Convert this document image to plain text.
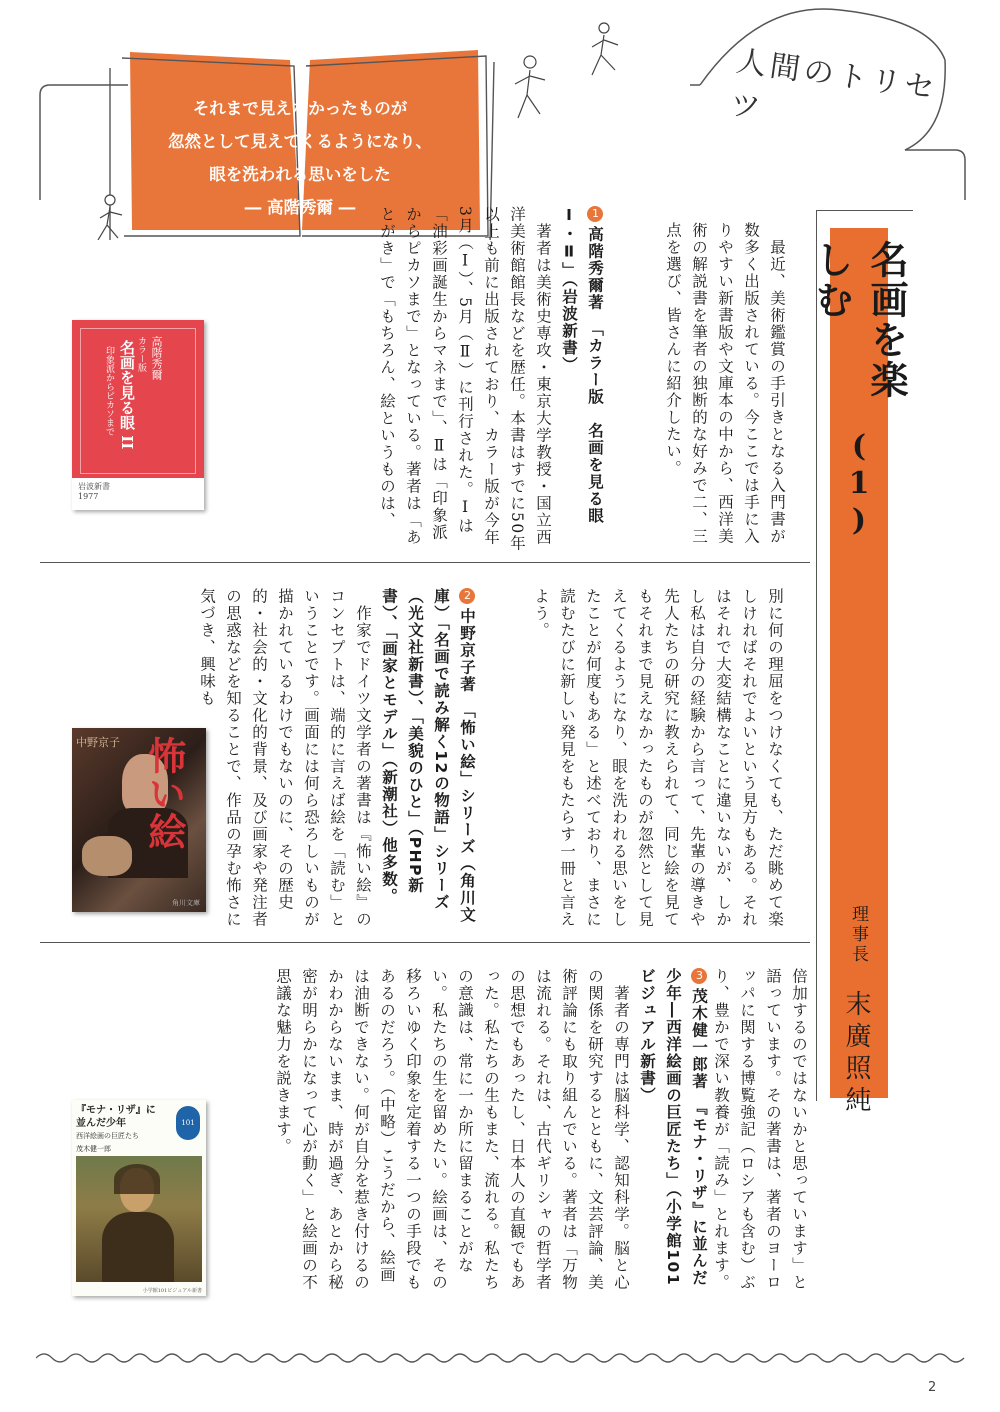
人間のトリセツ
それまで見えなかったものが
忽然として見えてくるようになり、
眼を洗われる思いをした
― 高階秀爾 ―
名画を楽しむ
(1)
理事長
末廣照純
　最近、美術鑑賞の手引きとなる入門書が数多く出版されている。今ここでは手に入りやすい新書版や文庫本の中から、西洋美術の解説書を筆者の独断的な好みで二、三点を選び、皆さんに紹介したい。
1高階秀爾著　「カラー版　名画を見る眼Ⅰ・Ⅱ」（岩波新書）
　著者は美術史専攻・東京大学教授・国立西洋美術館館長などを歴任。本書はすでに50年以上も前に出版されており、カラー版が今年3月（Ⅰ）、5月（Ⅱ）に刊行された。Ⅰは「油彩画誕生からマネまで」、Ⅱは「印象派からピカソまで」となっている。著者は「あとがき」で「もちろん、絵というものは、
高階秀爾
カラー版
名画を見る眼 II
印象派からピカソまで
岩波新書
1977
別に何の理屈をつけなくても、ただ眺めて楽しければそれでよいという見方もある。それはそれで大変結構なことに違いないが、しかし私は自分の経験から言って、先輩の導きや先人たちの研究に教えられて、同じ絵を見てもそれまで見えなかったものが忽然として見えてくるようになり、眼を洗われる思いをしたことが何度もある」と述べており、まさに読むたびに新しい発見をもたらす一冊と言えよう。
2中野京子著　「怖い絵」シリーズ（角川文庫）「名画で読み解く12の物語」シリーズ（光文社新書）、「美貌のひと」（PHP新書）、「画家とモデル」（新潮社）他多数。
　作家でドイツ文学者の著書は『怖い絵』のコンセプトは、端的に言えば絵を「読む」ということです。画面には何ら恐ろしいものが描かれているわけでもないのに、その歴史的・社会的・文化的背景、及び画家や発注者の思惑などを知ることで、作品の孕む怖さに気づき、興味も
怖い絵
中野京子
角川文庫
倍加するのではないかと思っています」と語っています。その著書は、著者のヨーロッパに関する博覧強記（ロシアも含む）ぶり、豊かで深い教養が「読み」とれます。
3茂木健一郎著　『モナ・リザ』に並んだ少年―西洋絵画の巨匠たち」（小学館101ビジュアル新書）
　著者の専門は脳科学、認知科学。脳と心の関係を研究するとともに、文芸評論、美術評論にも取り組んでいる。著者は「万物は流れる。それは、古代ギリシャの哲学者の思想でもあったし、日本人の直観でもあった。私たちの生もまた、流れる。私たちの意識は、常に一か所に留まることがない。私たちの生を留めたい。絵画は、その移ろいゆく印象を定着する一つの手段でもあるのだろう。（中略）こうだから、絵画は油断できない。何が自分を惹き付けるのかわからないまま、時が過ぎ、あとから秘密が明らかになって心が動く」と絵画の不思議な魅力を説きます。
『モナ・リザ』に
並んだ少年
西洋絵画の巨匠たち
茂木健一郎
101
小学館101ビジュアル新書
2
